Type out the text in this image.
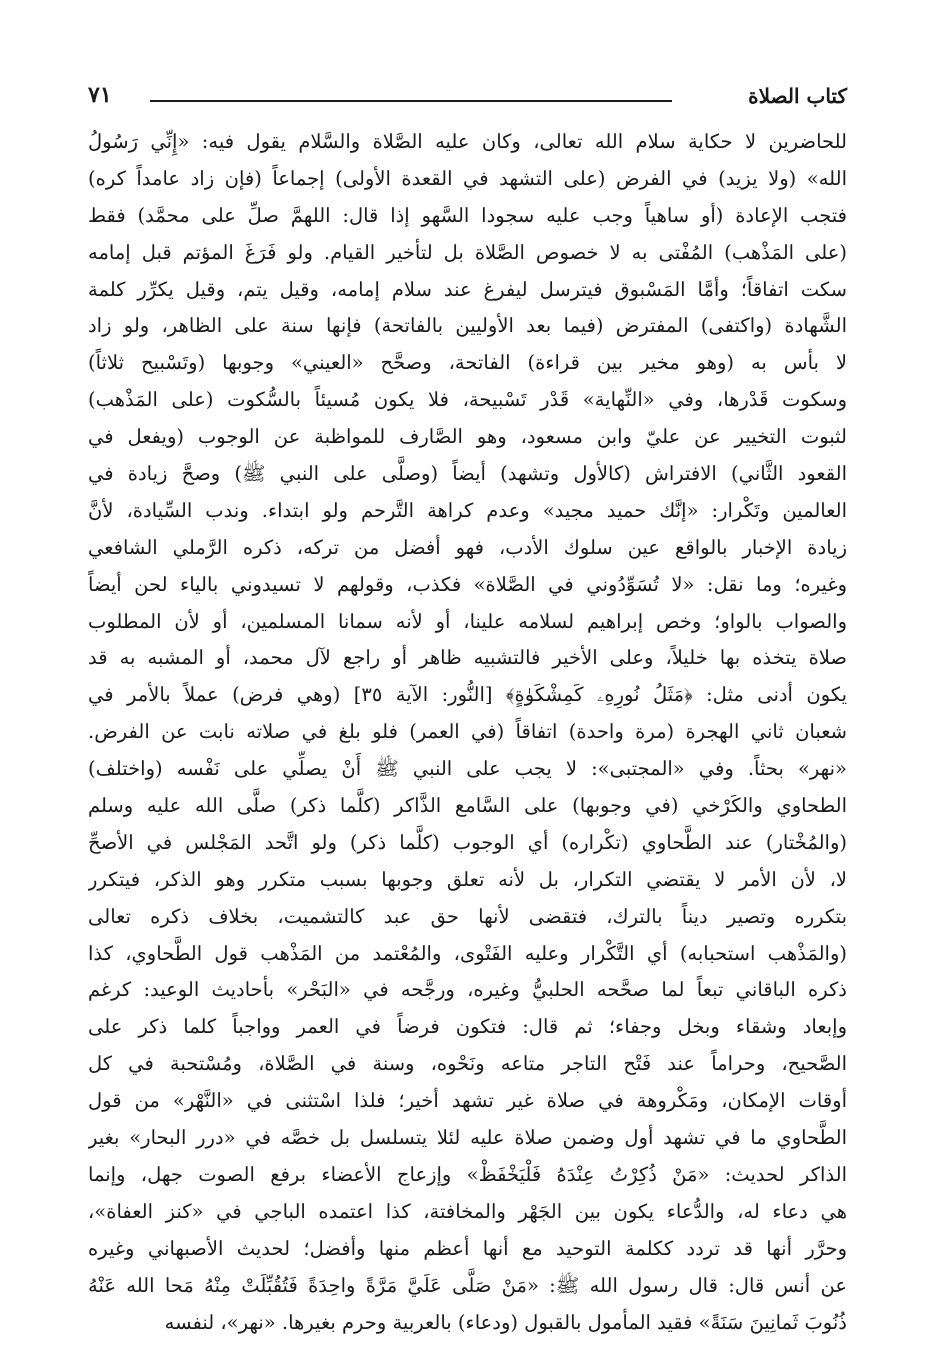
كتاب الصلاة
٧١
للحاضرين لا حكاية سلام الله تعالى، وكان عليه الصَّلاة والسَّلام يقول فيه: «إِنِّي رَسُولُ
الله» (ولا يزيد) في الفرض (على التشهد في القعدة الأولى) إجماعاً (فإن زاد عامداً كره)
فتجب الإعادة (أو ساهياً وجب عليه سجودا السَّهو إذا قال: اللهمَّ صلِّ على محمَّد) فقط
(على المَذْهب) المُفْتى به لا خصوص الصَّلاة بل لتأخير القيام. ولو فَرَغَ المؤتم قبل إمامه
سكت اتفاقاً؛ وأمَّا المَسْبوق فيترسل ليفرغ عند سلام إمامه، وقيل يتم، وقيل يكرِّر كلمة
الشَّهادة (واكتفى) المفترض (فيما بعد الأوليين بالفاتحة) فإنها سنة على الظاهر، ولو زاد
لا بأس به (وهو مخير بين قراءة) الفاتحة، وصحَّح «العيني» وجوبها (وتَسْبيح ثلاثاً)
وسكوت قَدْرها، وفي «النِّهاية» قَدْر تَسْبيحة، فلا يكون مُسيئاً بالسُّكوت (على المَذْهب)
لثبوت التخيير عن عليّ وابن مسعود، وهو الصَّارف للمواظبة عن الوجوب (ويفعل في
القعود الثَّاني) الافتراش (كالأول وتشهد) أيضاً (وصلَّى على النبي ﷺ) وصحَّ زيادة في
العالمين وتَكْرار: «إنَّك حميد مجيد» وعدم كراهة التَّرحم ولو ابتداء. وندب السِّيادة، لأنَّ
زيادة الإخبار بالواقع عين سلوك الأدب، فهو أفضل من تركه، ذكره الرَّملي الشافعي
وغيره؛ وما نقل: «لا تُسَوِّدُوني في الصَّلاة» فكذب، وقولهم لا تسيدوني بالياء لحن أيضاً
والصواب بالواو؛ وخص إبراهيم لسلامه علينا، أو لأنه سمانا المسلمين، أو لأن المطلوب
صلاة يتخذه بها خليلاً، وعلى الأخير فالتشبيه ظاهر أو راجع لآل محمد، أو المشبه به قد
يكون أدنى مثل: ﴿مَثَلُ نُورِهِۦ كَمِشْكَوٰةٍ﴾ [النُّور: الآية ٣٥] (وهي فرض) عملاً بالأمر في
شعبان ثاني الهجرة (مرة واحدة) اتفاقاً (في العمر) فلو بلغ في صلاته نابت عن الفرض.
«نهر» بحثاً. وفي «المجتبى»: لا يجب على النبي ﷺ أَنْ يصلِّي على نَفْسه (واختلف)
الطحاوي والكَرْخي (في وجوبها) على السَّامع الذَّاكر (كلَّما ذكر) صلَّى الله عليه وسلم
(والمُخْتار) عند الطَّحاوي (تكْراره) أي الوجوب (كلَّما ذكر) ولو اتَّحد المَجْلس في الأصحِّ
لا، لأن الأمر لا يقتضي التكرار، بل لأنه تعلق وجوبها بسبب متكرر وهو الذكر، فيتكرر
بتكرره وتصير ديناً بالترك، فتقضى لأنها حق عبد كالتشميت، بخلاف ذكره تعالى
(والمَذْهب استحبابه) أي التَّكْرار وعليه الفَتْوى، والمُعْتمد من المَذْهب قول الطَّحاوي، كذا
ذكره الباقاني تبعاً لما صحَّحه الحلبيُّ وغيره، ورجَّحه في «البَحْر» بأحاديث الوعيد: كرغم
وإبعاد وشقاء وبخل وجفاء؛ ثم قال: فتكون فرضاً في العمر وواجباً كلما ذكر على
الصَّحيح، وحراماً عند فَتْح التاجر متاعه ونَحْوه، وسنة في الصَّلاة، ومُسْتحبة في كل
أوقات الإمكان، ومَكْروهة في صلاة غير تشهد أخير؛ فلذا اسْتثنى في «النَّهْر» من قول
الطَّحاوي ما في تشهد أول وضمن صلاة عليه لئلا يتسلسل بل خصَّه في «درر البحار» بغير
الذاكر لحديث: «مَنْ ذُكِرْتُ عِنْدَهُ فَلْيَخْفَظْ» وإزعاج الأعضاء برفع الصوت جهل، وإنما
هي دعاء له، والدُّعاء يكون بين الجَهْر والمخافتة، كذا اعتمده الباجي في «كنز العفاة»،
وحرَّر أنها قد تردد ككلمة التوحيد مع أنها أعظم منها وأفضل؛ لحديث الأصبهاني وغيره
عن أنس قال: قال رسول الله ﷺ: «مَنْ صَلَّى عَلَيَّ مَرَّةً واحِدَةً فَتُقُبِّلَتْ مِنْهُ مَحا الله عَنْهُ
ذُنُوبَ ثَمانِينَ سَنَةً» فقيد المأمول بالقبول (ودعاء) بالعربية وحرم بغيرها. «نهر»، لنفسه
